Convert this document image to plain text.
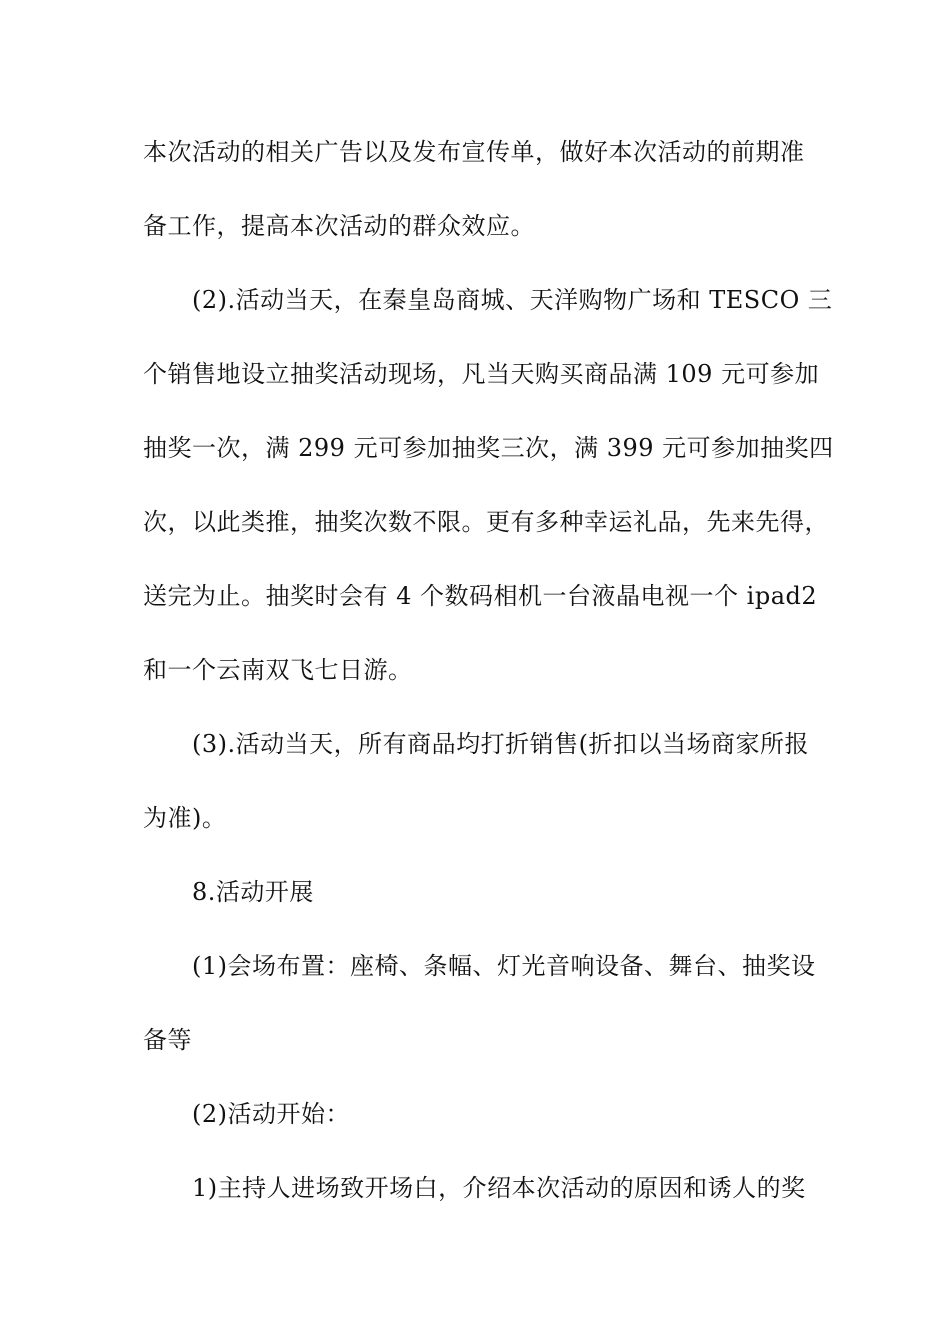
本次活动的相关广告以及发布宣传单，做好本次活动的前期准
备工作，提高本次活动的群众效应。
(2).活动当天，在秦皇岛商城、天洋购物广场和 TESCO 三
个销售地设立抽奖活动现场，凡当天购买商品满 109 元可参加
抽奖一次，满 299 元可参加抽奖三次，满 399 元可参加抽奖四
次，以此类推，抽奖次数不限。更有多种幸运礼品，先来先得，
送完为止。抽奖时会有 4 个数码相机一台液晶电视一个 ipad2
和一个云南双飞七日游。
(3).活动当天，所有商品均打折销售(折扣以当场商家所报
为准)。
8.活动开展
(1)会场布置：座椅、条幅、灯光音响设备、舞台、抽奖设
备等
(2)活动开始：
1)主持人进场致开场白，介绍本次活动的原因和诱人的奖
